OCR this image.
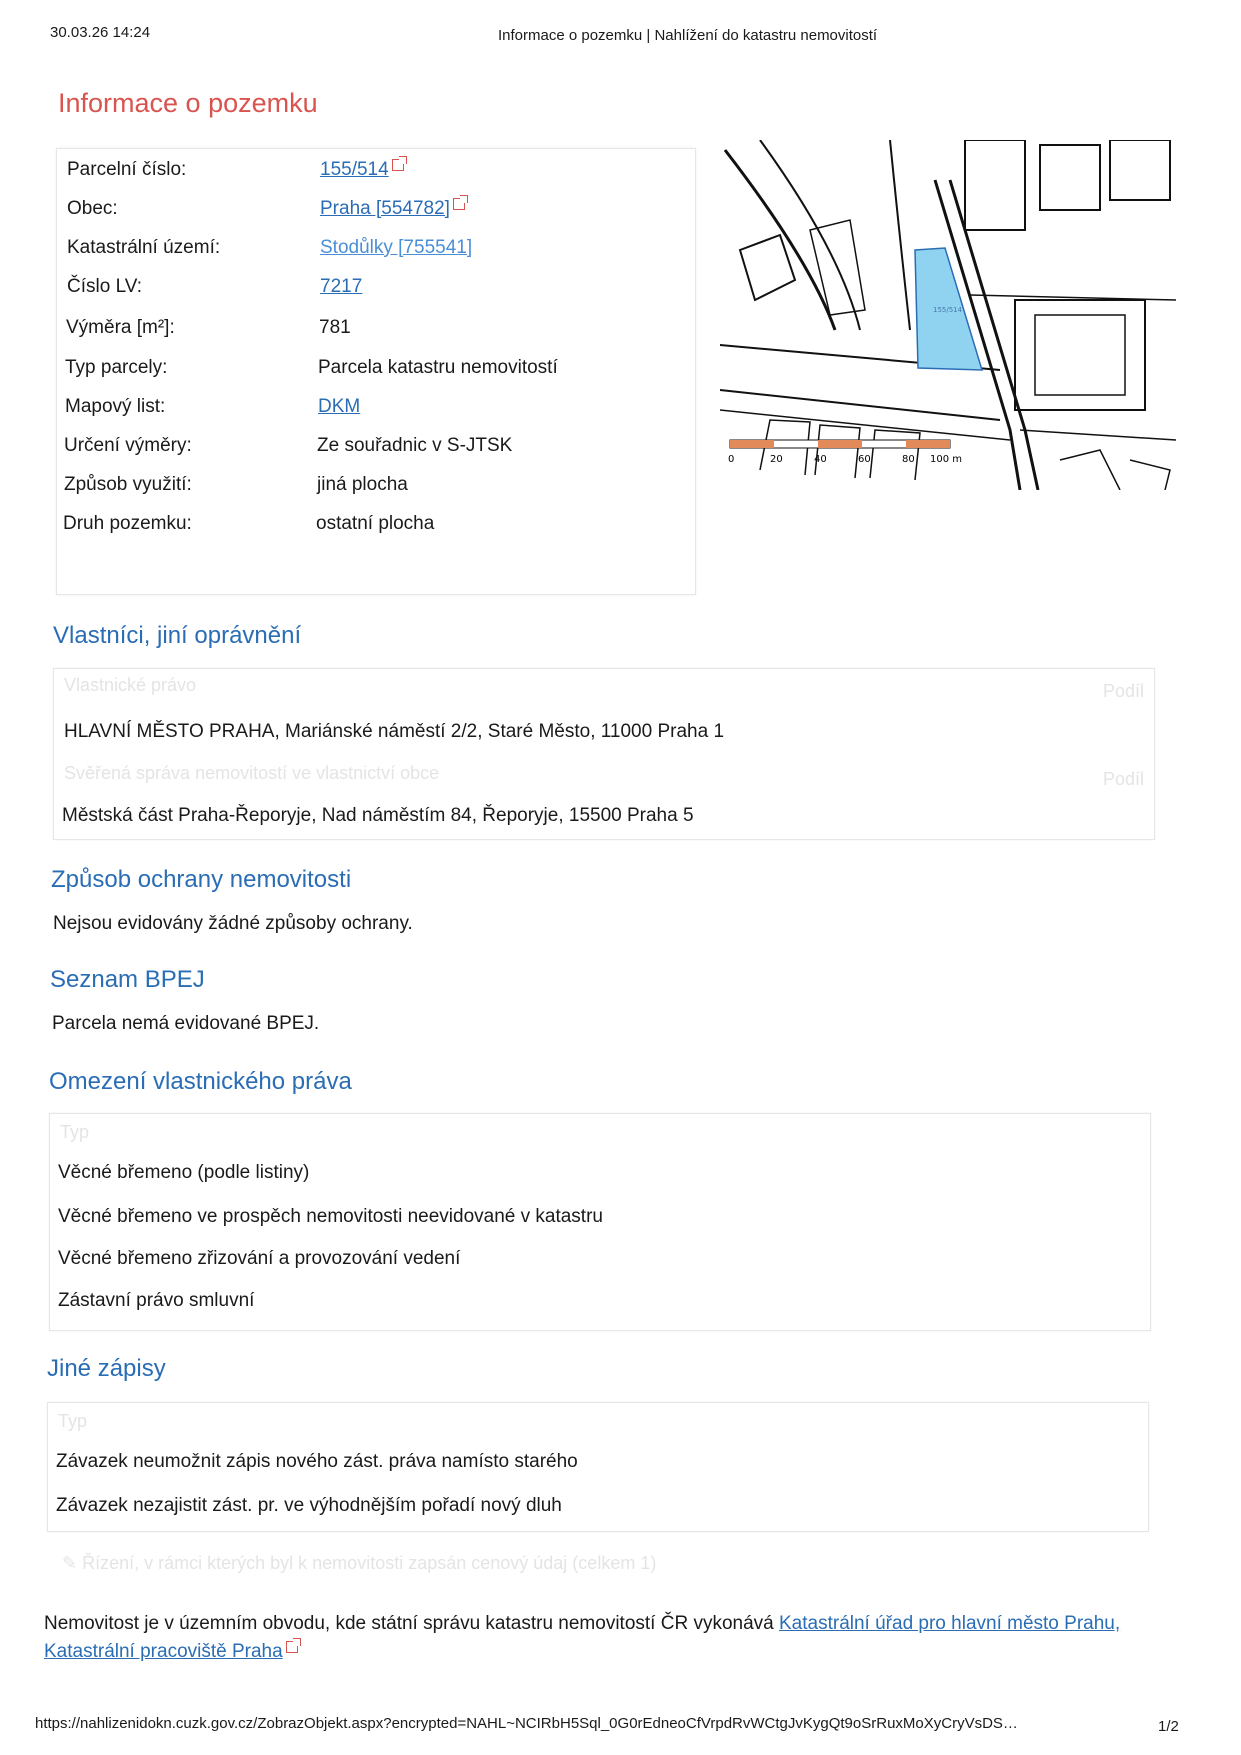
30.03.26 14:24	Informace o pozemku | Nahlížení do katastru nemovitostí
Informace o pozemku
Parcelní číslo:	155/514
Obec:	Praha [554782]
Katastrální území:	Stodůlky [755541]
Číslo LV:	7217
Výměra [m²]:	781
Typ parcely:	Parcela katastru nemovitostí
Mapový list:	DKM
Určení výměry:	Ze souřadnic v S-JTSK
Způsob využití:	jiná plocha
Druh pozemku:	ostatní plocha
155/514
0	20	40	60	80 100 m
Vlastníci, jiní oprávnění
Vlastnické právo	Podíl
HLAVNÍ MĚSTO PRAHA, Mariánské náměstí 2/2, Staré Město, 11000 Praha 1
Svěřená správa nemovitostí ve vlastnictví obce	Podíl
Městská část Praha-Řeporyje, Nad náměstím 84, Řeporyje, 15500 Praha 5
Způsob ochrany nemovitosti
Nejsou evidovány žádné způsoby ochrany.
Seznam BPEJ
Parcela nemá evidované BPEJ.
Omezení vlastnického práva
Typ
Věcné břemeno (podle listiny)
Věcné břemeno ve prospěch nemovitosti neevidované v katastru
Věcné břemeno zřizování a provozování vedení
Zástavní právo smluvní
Jiné zápisy
Typ
Závazek neumožnit zápis nového zást. práva namísto starého
Závazek nezajistit zást. pr. ve výhodnějším pořadí nový dluh
✎ Řízení, v rámci kterých byl k nemovitosti zapsán cenový údaj (celkem 1)
Nemovitost je v územním obvodu, kde státní správu katastru nemovitostí ČR vykonává Katastrální úřad pro hlavní město Prahu, Katastrální pracoviště Praha
https://nahlizenidokn.cuzk.gov.cz/ZobrazObjekt.aspx?encrypted=NAHL~NCIRbH5Sql_0G0rEdneoCfVrpdRvWCtgJvKygQt9oSrRuxMoXyCryVsDS…	1/2
